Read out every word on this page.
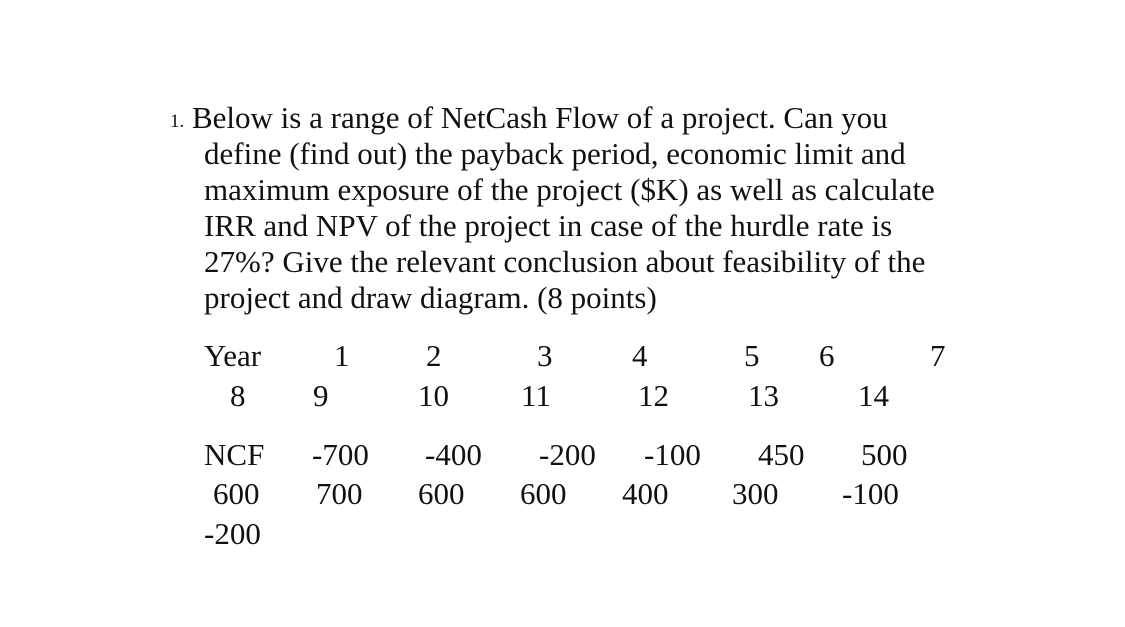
1. Below is a range of NetCash Flow of a project. Can you
define (find out) the payback period, economic limit and
maximum exposure of the project ($K) as well as calculate
IRR and NPV of the project in case of the hurdle rate is
27%? Give the relevant conclusion about feasibility of the
project and draw diagram. (8 points)

Year 1 2	3	4	5 6	7
8 9	10 11	12	13	14
NCF -700 -400 -200 -100 450 500
600 700 600 600 400 300 -100
-200
